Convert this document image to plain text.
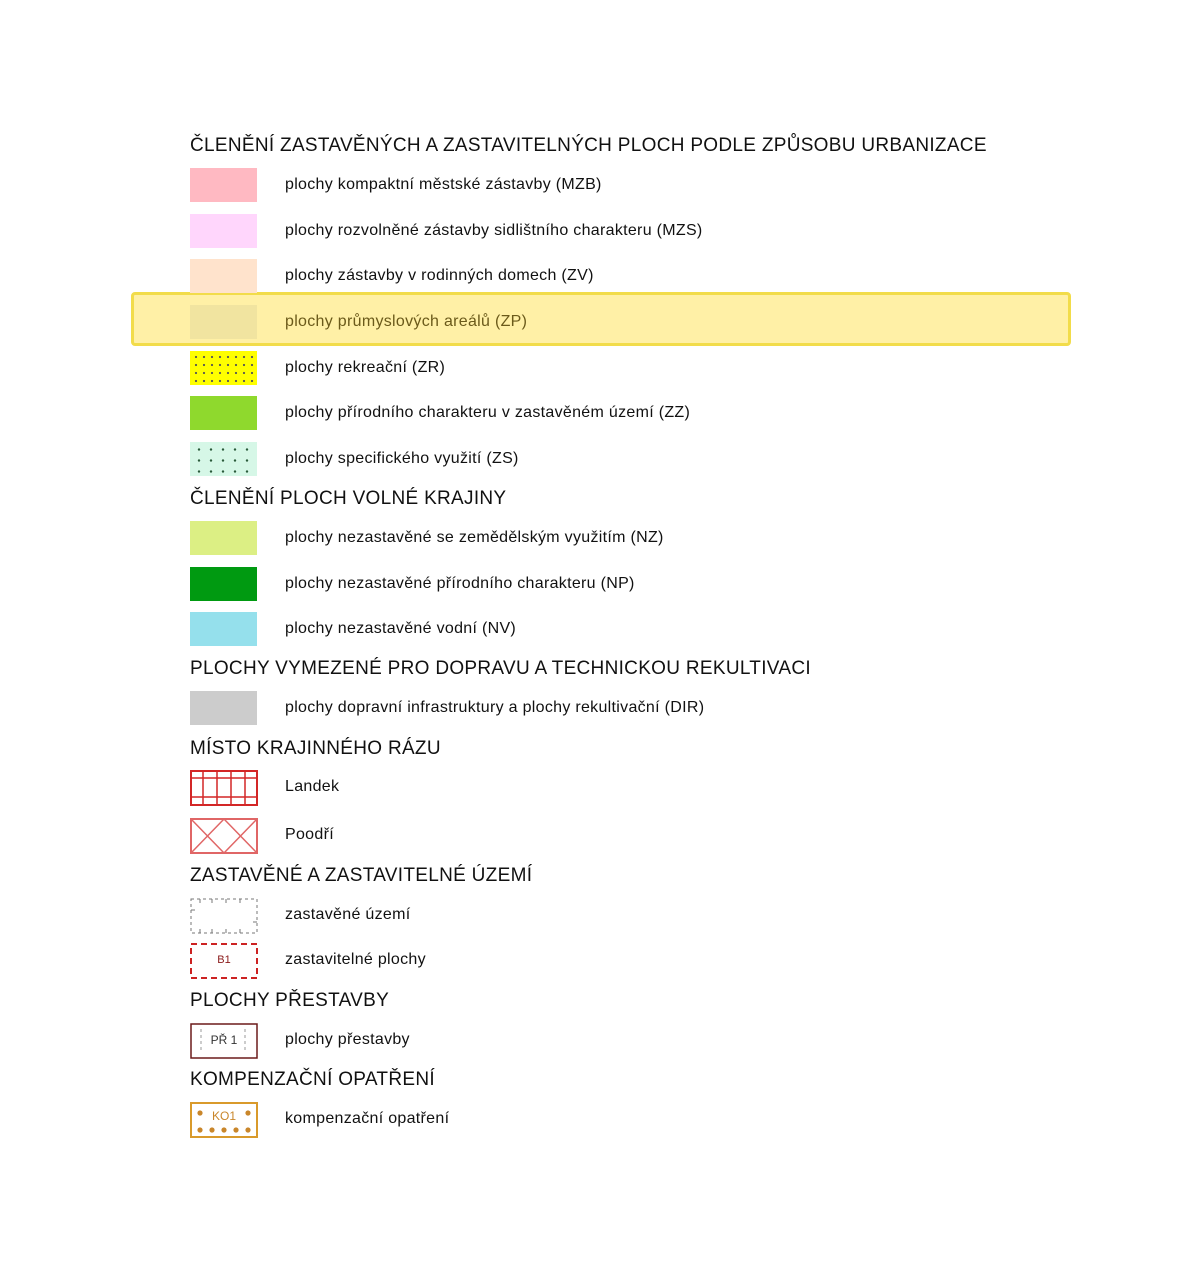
ČLENĚNÍ ZASTAVĚNÝCH A ZASTAVITELNÝCH PLOCH PODLE ZPŮSOBU URBANIZACE
plochy kompaktní městské zástavby (MZB)
plochy rozvolněné zástavby sidlištního charakteru (MZS)
plochy zástavby v rodinných domech (ZV)
plochy průmyslových areálů (ZP)
plochy rekreační (ZR)
plochy přírodního charakteru v zastavěném území (ZZ)
plochy specifického využití (ZS)
ČLENĚNÍ PLOCH VOLNÉ KRAJINY
plochy nezastavěné se zemědělským využitím (NZ)
plochy nezastavěné přírodního charakteru (NP)
plochy nezastavěné vodní (NV)
PLOCHY VYMEZENÉ PRO DOPRAVU A TECHNICKOU REKULTIVACI
plochy dopravní infrastruktury a plochy rekultivační (DIR)
MÍSTO KRAJINNÉHO RÁZU
Landek
Poodří
ZASTAVĚNÉ A ZASTAVITELNÉ ÚZEMÍ
zastavěné území
B1	zastavitelné plochy
PLOCHY PŘESTAVBY
PŘ 1	plochy přestavby
KOMPENZAČNÍ OPATŘENÍ
KO1	kompenzační opatření
